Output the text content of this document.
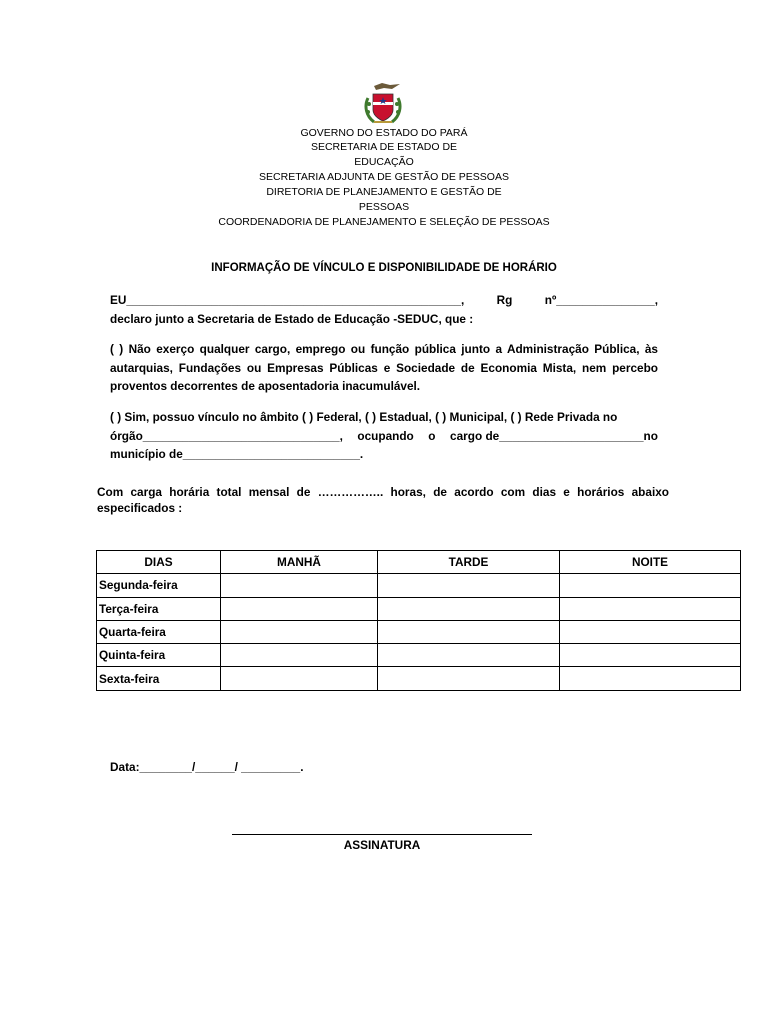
GOVERNO DO ESTADO DO PARÁ
SECRETARIA DE ESTADO DE
EDUCAÇÃO
SECRETARIA ADJUNTA DE GESTÃO DE PESSOAS
DIRETORIA DE PLANEJAMENTO E GESTÃO DE
PESSOAS
COORDENADORIA DE PLANEJAMENTO E SELEÇÃO DE PESSOAS
INFORMAÇÃO DE VÍNCULO E DISPONIBILIDADE DE HORÁRIO
EU___________________________________________________,	Rg	nº_______________,
declaro junto a Secretaria de Estado de Educação -SEDUC, que :
( ) Não exerço qualquer cargo, emprego ou função pública junto a Administração Pública, às autarquias, Fundações ou Empresas Públicas e Sociedade de Economia Mista, nem percebo proventos decorrentes de aposentadoria inacumulável.
( ) Sim, possuo vínculo no âmbito ( ) Federal, ( ) Estadual, ( ) Municipal, ( ) Rede Privada no
órgão______________________________, ocupando o cargo de______________________no
município de___________________________.
Com carga horária total mensal de …………….. horas, de acordo com dias e horários abaixo especificados :
DIAS	MANHÃ	TARDE	NOITE
Segunda-feira			
Terça-feira			
Quarta-feira			
Quinta-feira			
Sexta-feira			
Data:________/______/ _________.
ASSINATURA
